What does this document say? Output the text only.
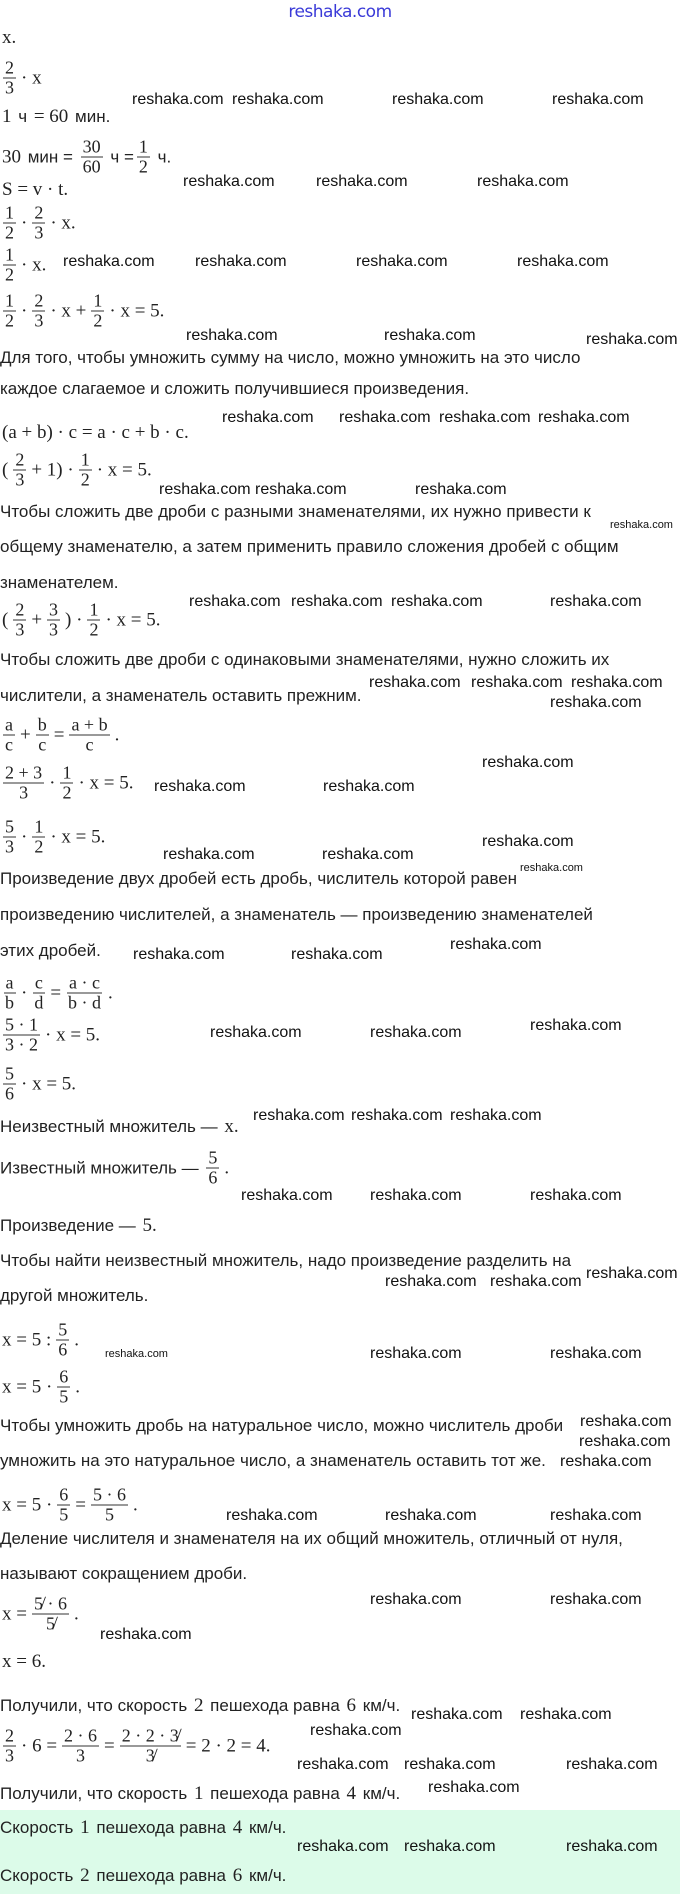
reshaka.com
x.
$\frac{2}{3} \cdot x$
1 ч = 60 мин.
30 мин = $\frac{30}{60}$ $ч = \frac{1}{2} ч$.
S = v · t.
$\frac{1}{2} \cdot \frac{2}{3} \cdot x$.
$\frac{1}{2} \cdot x$.
$\frac{1}{2} \cdot \frac{2}{3} \cdot x + \frac{1}{2} \cdot x = 5$.
Для того, чтобы умножить сумму на число, можно умножить на это число
каждое слагаемое и сложить получившиеся произведения.
(a + b) · c = a · c + b · c.
( $\frac{2}{3} + 1) \cdot \frac{1}{2} \cdot x = 5$.
Чтобы сложить две дроби с разными знаменателями, их нужно привести к
общему знаменателю, а затем применить правило сложения дробей с общим
знаменателем.
( $\frac{2}{3} + \frac{3}{3}$ ) · $\frac{1}{2} \cdot x = 5$.
Чтобы сложить две дроби с одинаковыми знаменателями, нужно сложить их
числители, а знаменатель оставить прежним.
$\frac{a}{c} + \frac{b}{c} = \frac{a + b}{c}$ .
$\frac{2 + 3}{3} \cdot \frac{1}{2} \cdot x = 5$.
$\frac{5}{3} \cdot \frac{1}{2} \cdot x = 5$.
Произведение двух дробей есть дробь, числитель которой равен
произведению числителей, а знаменатель — произведению знаменателей
этих дробей.
$\frac{a}{b} \cdot \frac{c}{d} = \frac{a \cdot c}{b \cdot d}$ .
$\frac{5 \cdot 1}{3 \cdot 2} \cdot x = 5$.
$\frac{5}{6} \cdot x = 5$.
Неизвестный множитель — x.
Известный множитель — $\frac{5}{6}$ .
Произведение — 5.
Чтобы найти неизвестный множитель, надо произведение разделить на
другой множитель.
x = 5 : $\frac{5}{6}$ .
$x = 5 \cdot \frac{6}{5}$ .
Чтобы умножить дробь на натуральное число, можно числитель дроби
умножить на это натуральное число, а знаменатель оставить тот же.
$x = 5 \cdot \frac{6}{5} = \frac{5 \cdot 6}{5}$ .
Деление числителя и знаменателя на их общий множитель, отличный от нуля,
называют сокращением дроби.
$x = \frac{5̸ \cdot 6}{5̸}$ .
x = 6.
Получили, что скорость 2 пешехода равна 6 км/ч.
$\frac{2}{3} \cdot 6 = \frac{2 \cdot 6}{3} = \frac{2 \cdot 2 \cdot 3̸}{3̸} = 2 \cdot 2 = 4$.
Получили, что скорость 1 пешехода равна 4 км/ч.
Скорость 1 пешехода равна 4 км/ч.
Скорость 2 пешехода равна 6 км/ч.
reshaka.com reshaka.com	reshaka.com	reshaka.com
reshaka.com	reshaka.com	reshaka.com
reshaka.com	reshaka.com	reshaka.com	reshaka.com
reshaka.com	reshaka.com
reshaka.com
reshaka.com reshaka.com reshaka.com reshaka.com
reshaka.com reshaka.com	reshaka.com
reshaka.com
reshaka.com reshaka.com reshaka.com	reshaka.com
reshaka.com reshaka.com reshaka.com
reshaka.com
reshaka.com
reshaka.com	reshaka.com
reshaka.com
reshaka.com
reshaka.com	reshaka.com
reshaka.com
reshaka.com	reshaka.com
reshaka.com
reshaka.com	reshaka.com
reshaka.com reshaka.com reshaka.com
reshaka.com reshaka.com	reshaka.com
reshaka.com
reshaka.com reshaka.com
reshaka.com	reshaka.com	reshaka.com
reshaka.com
reshaka.com
reshaka.com
reshaka.com	reshaka.com	reshaka.com
reshaka.com	reshaka.com
reshaka.com
reshaka.com reshaka.com
reshaka.com
reshaka.com reshaka.com	reshaka.com
reshaka.com
reshaka.com reshaka.com	reshaka.com
